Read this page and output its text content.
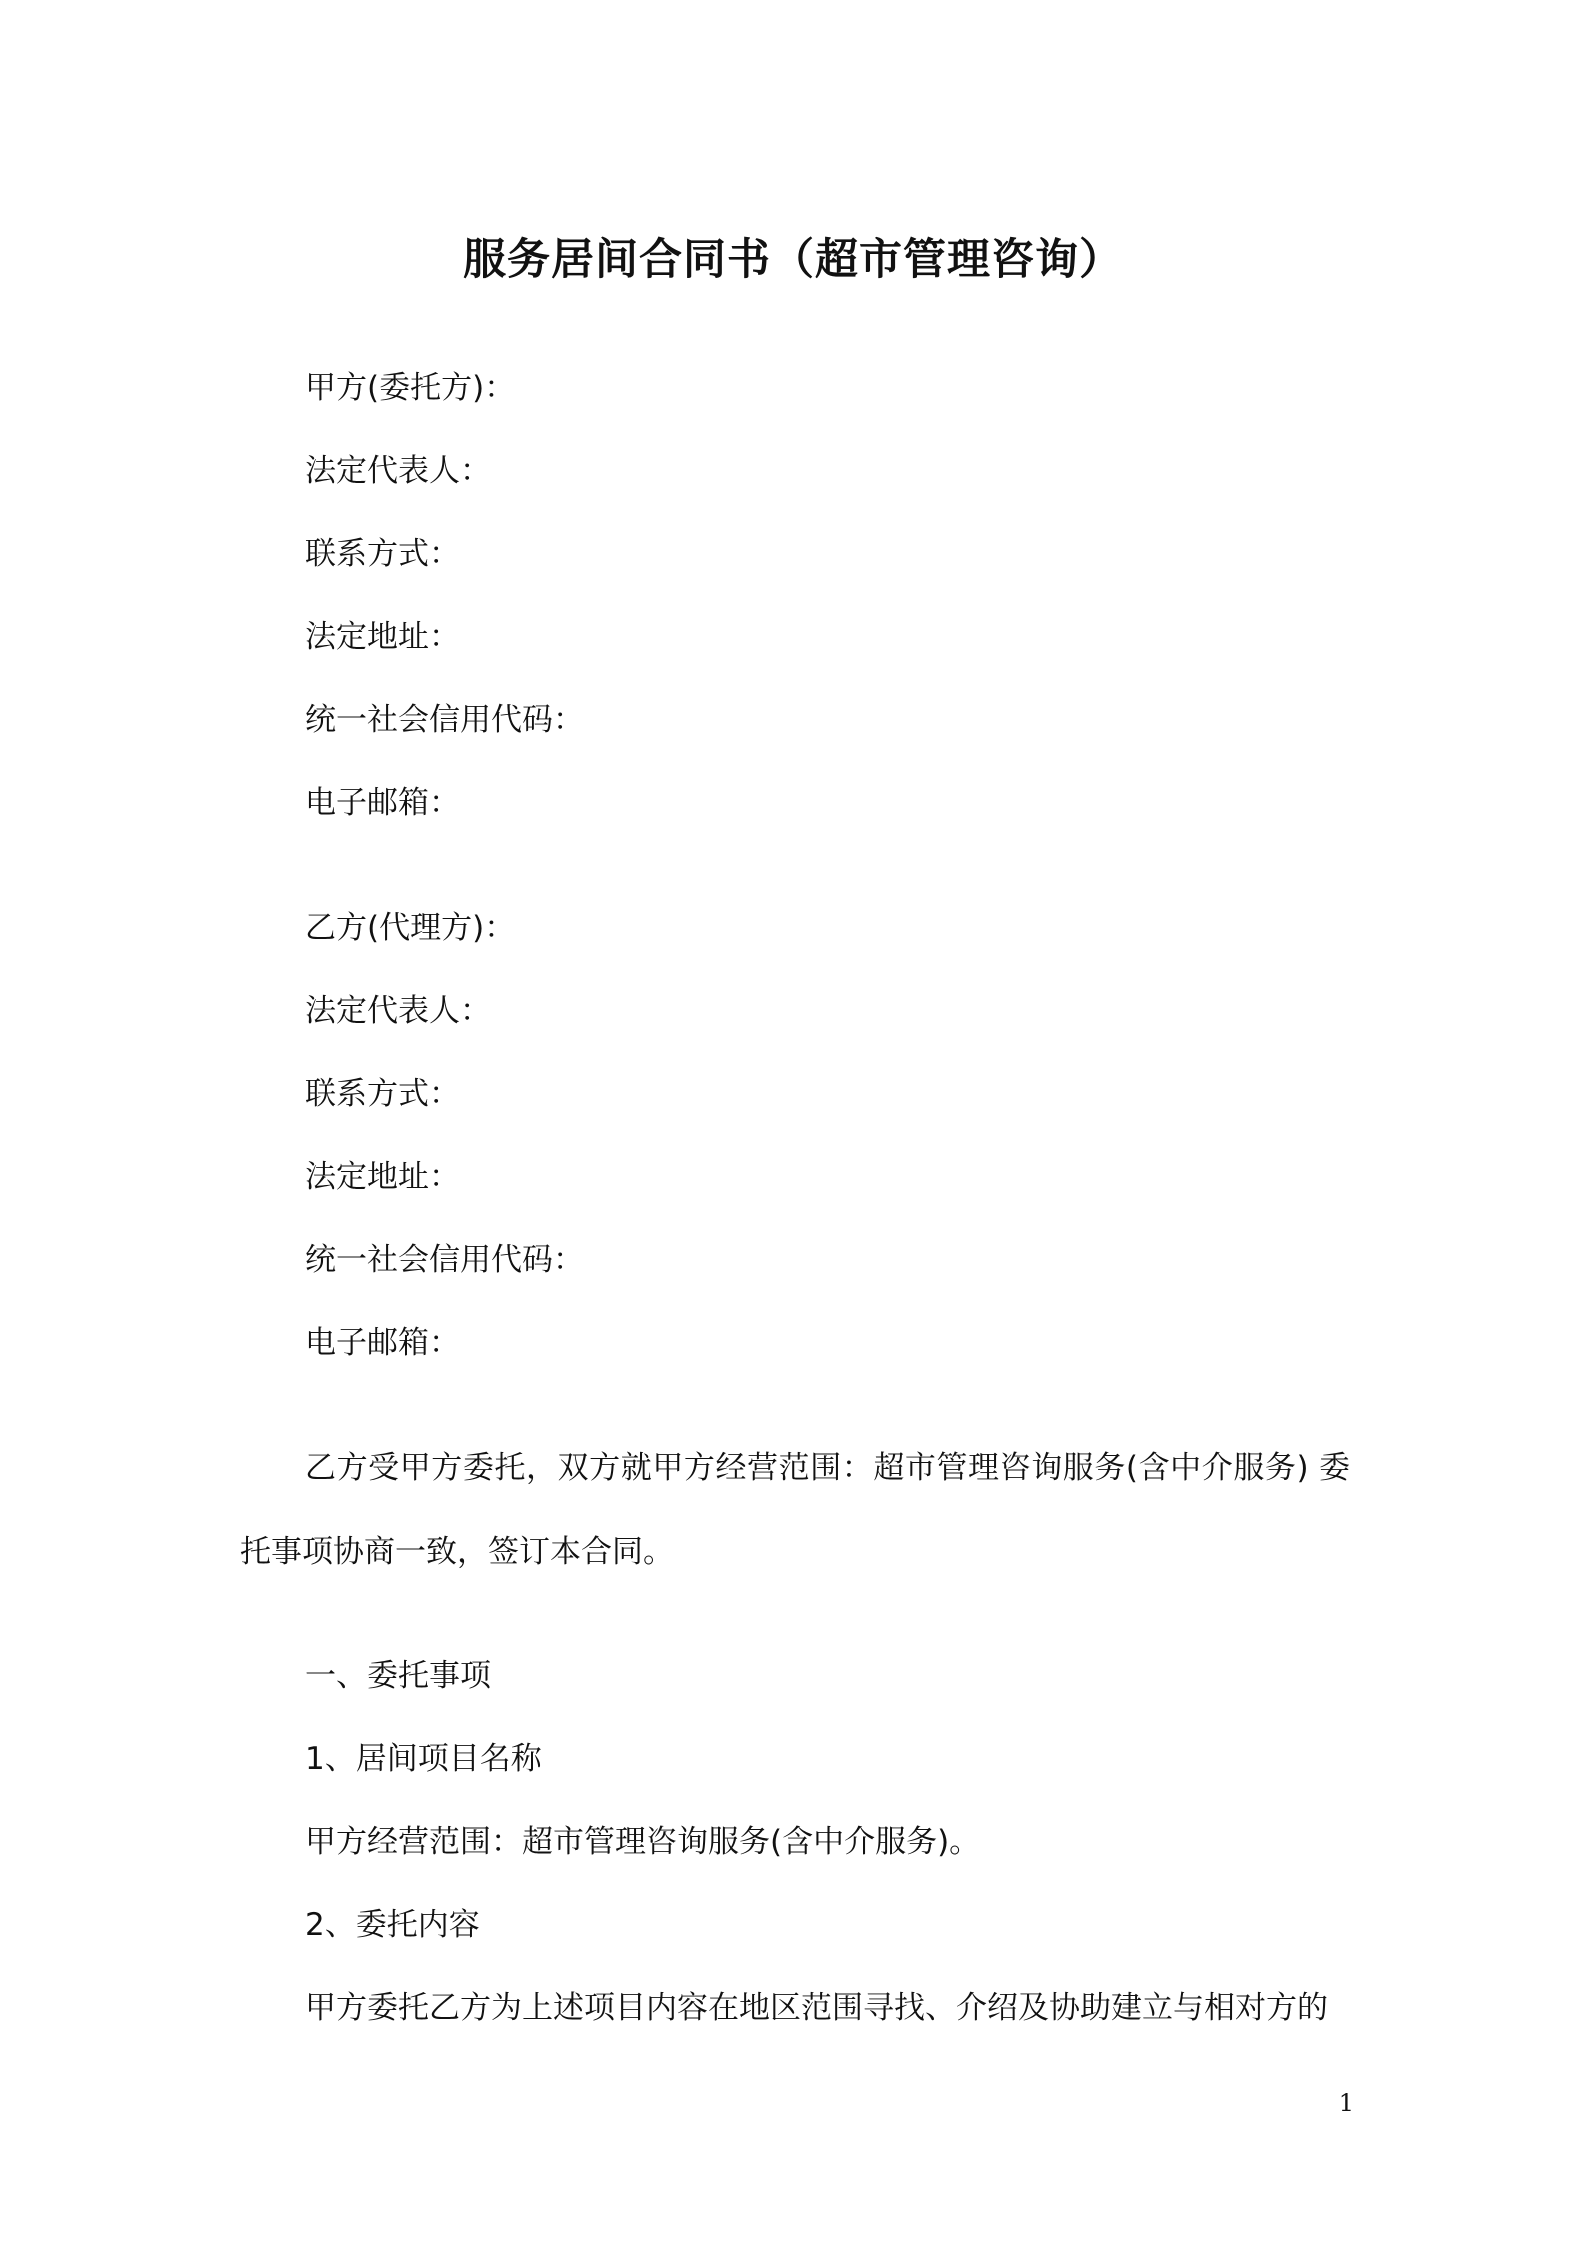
服务居间合同书（超市管理咨询）
甲方(委托方)：
法定代表人：
联系方式：
法定地址：
统一社会信用代码：
电子邮箱：
乙方(代理方)：
法定代表人：
联系方式：
法定地址：
统一社会信用代码：
电子邮箱：
乙方受甲方委托，双方就甲方经营范围：超市管理咨询服务(含中介服务) 委托事项协商一致，签订本合同。
一、委托事项
1、居间项目名称
甲方经营范围：超市管理咨询服务(含中介服务)。
2、委托内容
甲方委托乙方为上述项目内容在地区范围寻找、介绍及协助建立与相对方的
1
